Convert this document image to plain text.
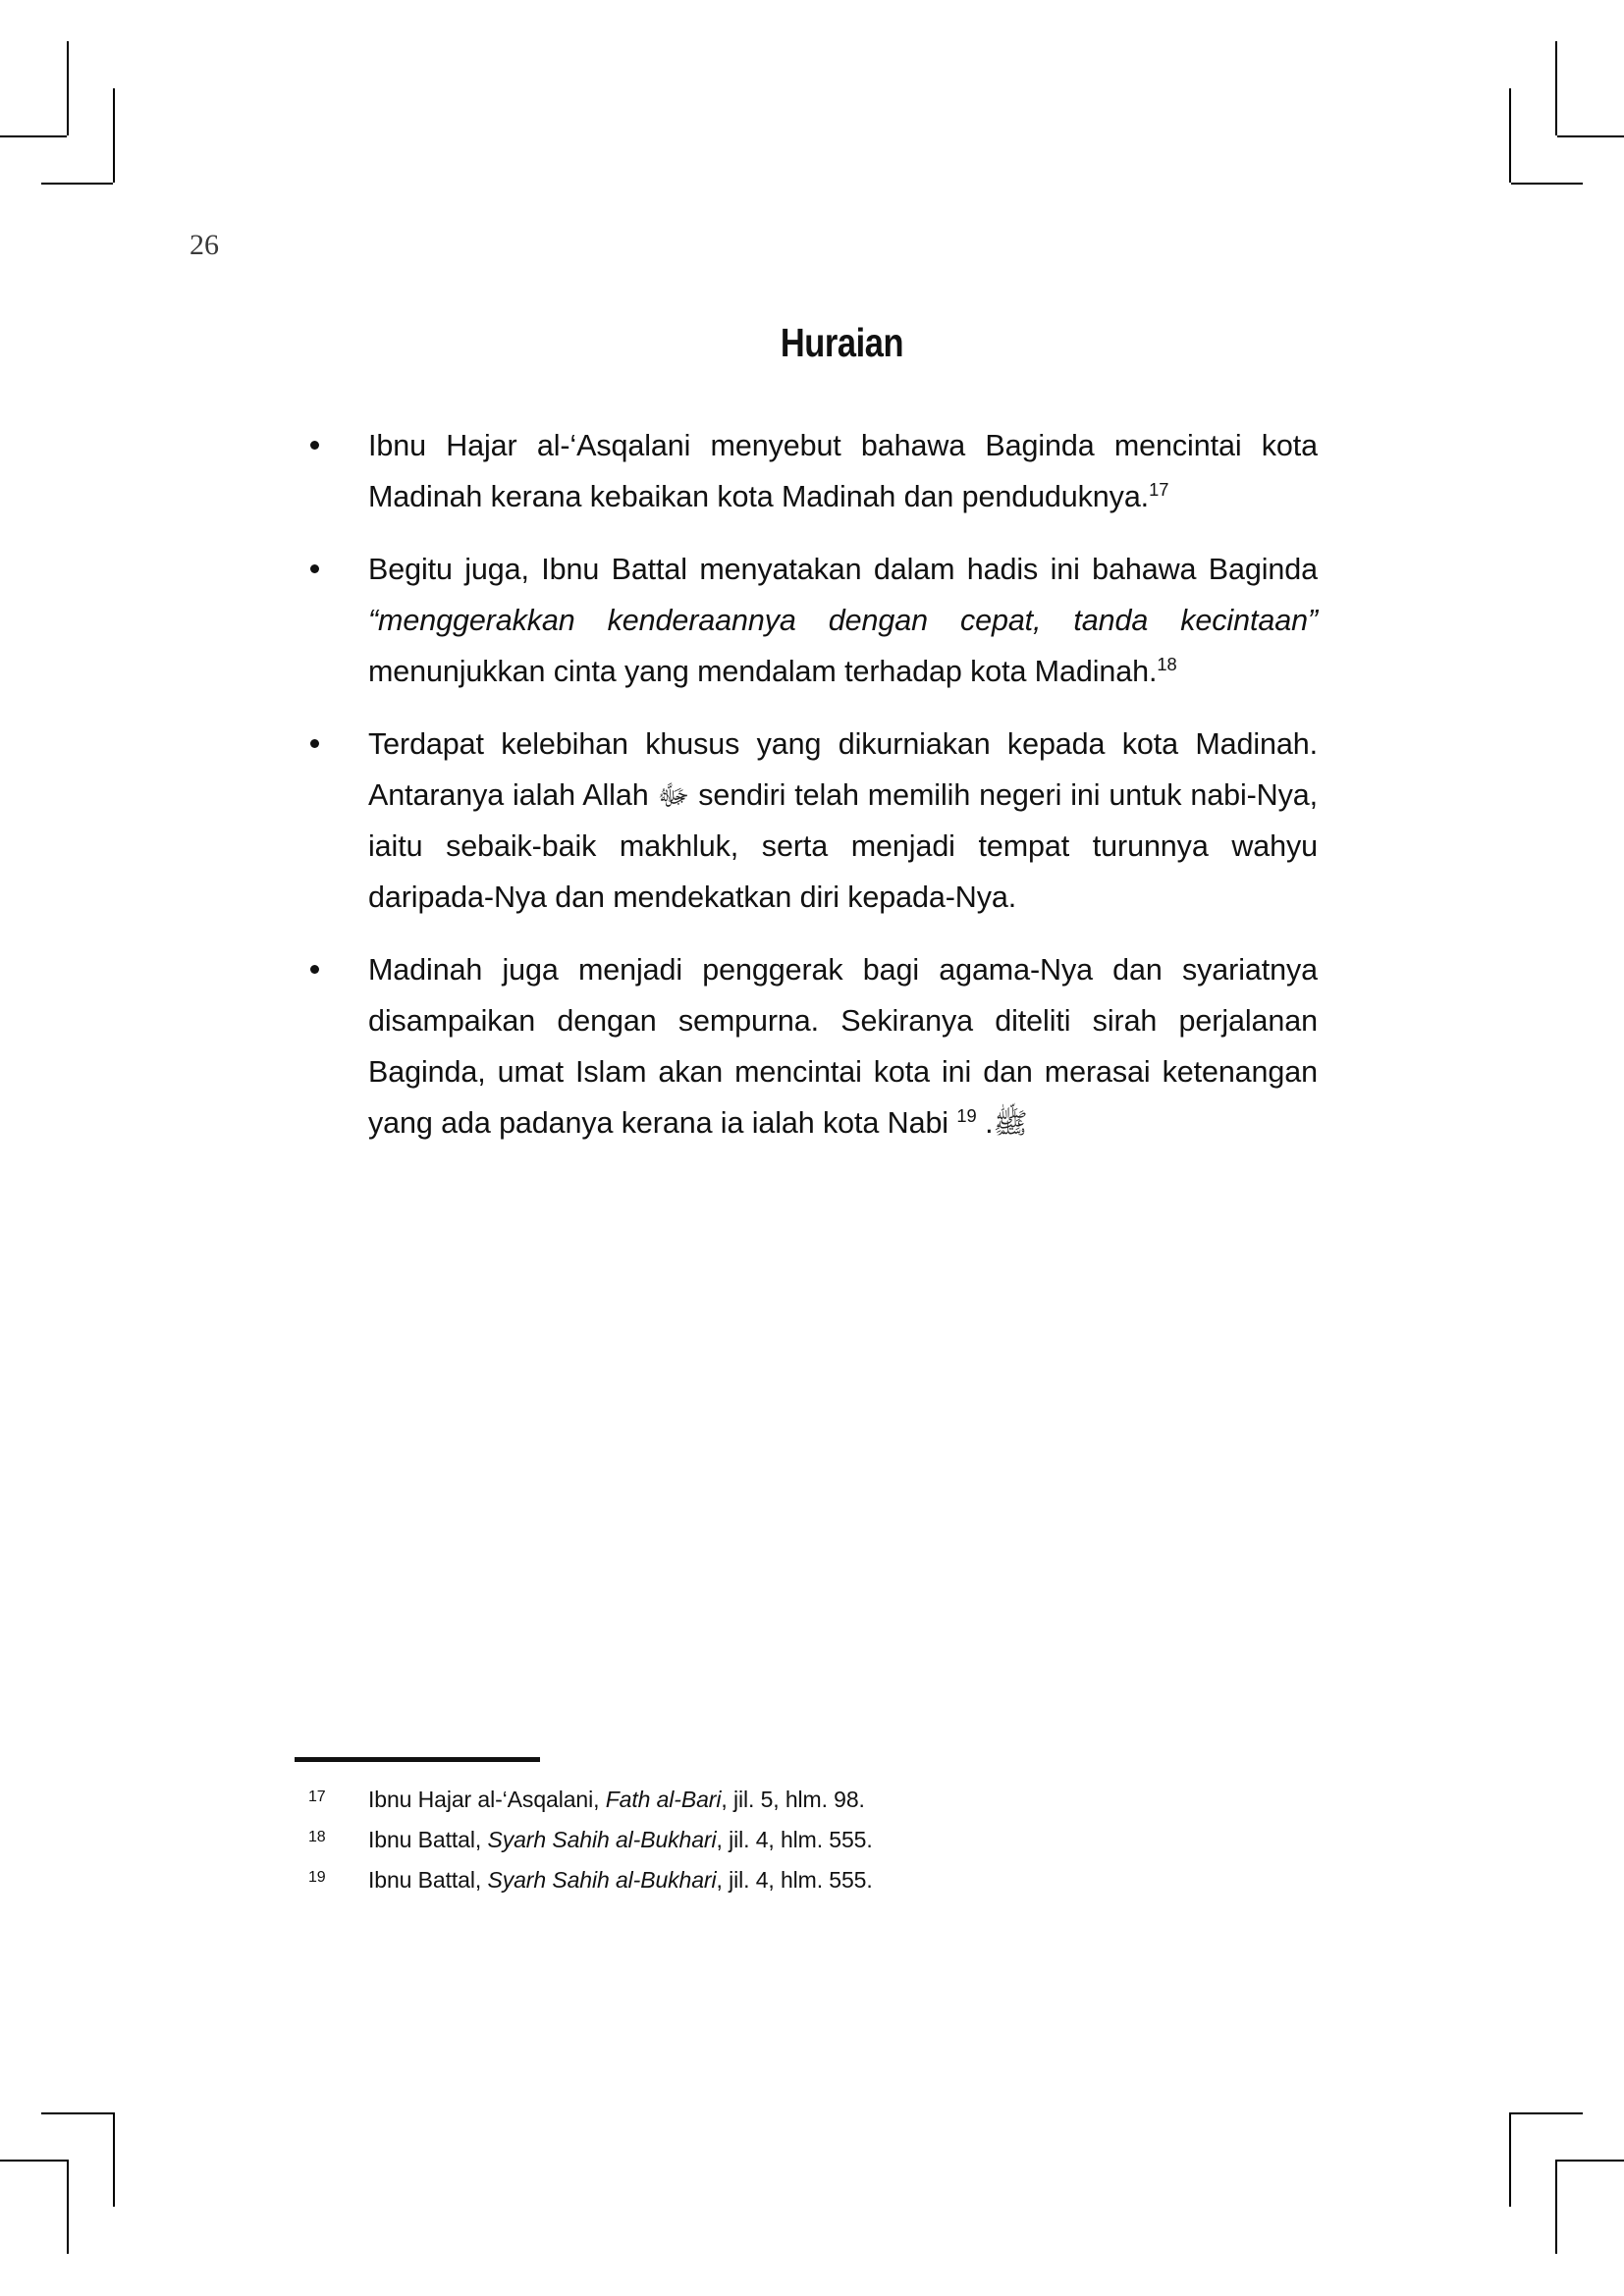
26
Huraian
Ibnu Hajar al-‘Asqalani menyebut bahawa Baginda mencintai kota Madinah kerana kebaikan kota Madinah dan penduduknya.$^{17}$
Begitu juga, Ibnu Battal menyatakan dalam hadis ini bahawa Baginda “menggerakkan kenderaannya dengan cepat, tanda kecintaan” menunjukkan cinta yang mendalam terhadap kota Madinah.$^{18}$
Terdapat kelebihan khusus yang dikurniakan kepada kota Madinah. Antaranya ialah Allah ﷻ sendiri telah memilih negeri ini untuk nabi-Nya, iaitu sebaik-baik makhluk, serta menjadi tempat turunnya wahyu daripada-Nya dan mendekatkan diri kepada-Nya.
Madinah juga menjadi penggerak bagi agama-Nya dan syariatnya disampaikan dengan sempurna. Sekiranya diteliti sirah perjalanan Baginda, umat Islam akan mencintai kota ini dan merasai ketenangan yang ada padanya kerana ia ialah kota Nabi ﷺ. $^{19}$
17 Ibnu Hajar al-‘Asqalani, Fath al-Bari, jil. 5, hlm. 98.
18 Ibnu Battal, Syarh Sahih al-Bukhari, jil. 4, hlm. 555.
19 Ibnu Battal, Syarh Sahih al-Bukhari, jil. 4, hlm. 555.
